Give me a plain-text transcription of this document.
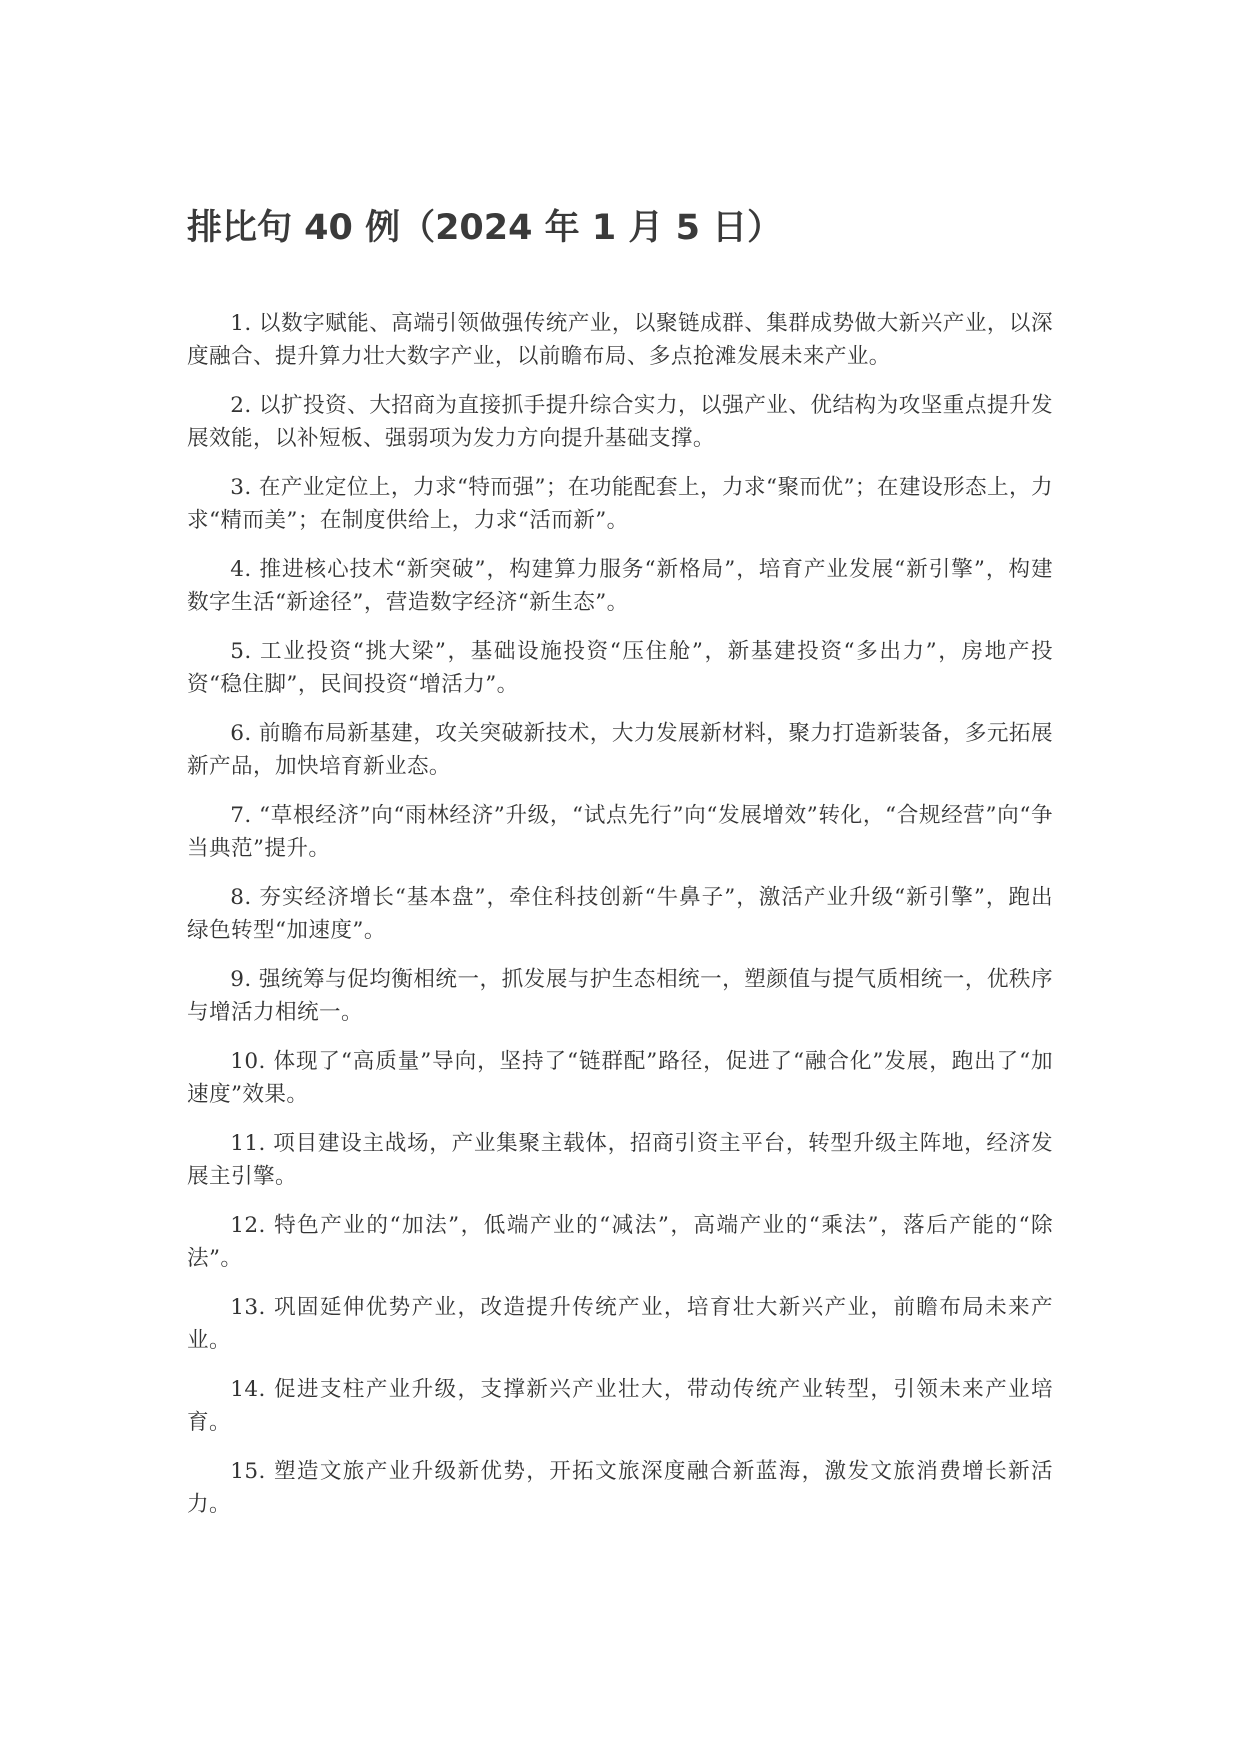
排比句 40 例（2024 年 1 月 5 日）

1. 以数字赋能、高端引领做强传统产业，以聚链成群、集群成势做大新兴产业，以深度融合、提升算力壮大数字产业，以前瞻布局、多点抢滩发展未来产业。

2. 以扩投资、大招商为直接抓手提升综合实力，以强产业、优结构为攻坚重点提升发展效能，以补短板、强弱项为发力方向提升基础支撑。

3. 在产业定位上，力求“特而强”；在功能配套上，力求“聚而优”；在建设形态上，力求“精而美”；在制度供给上，力求“活而新”。

4. 推进核心技术“新突破”，构建算力服务“新格局”，培育产业发展“新引擎”，构建数字生活“新途径”，营造数字经济“新生态”。

5. 工业投资“挑大梁”，基础设施投资“压住舱”，新基建投资“多出力”，房地产投资“稳住脚”，民间投资“增活力”。

6. 前瞻布局新基建，攻关突破新技术，大力发展新材料，聚力打造新装备，多元拓展新产品，加快培育新业态。

7. “草根经济”向“雨林经济”升级，“试点先行”向“发展增效”转化，“合规经营”向“争当典范”提升。

8. 夯实经济增长“基本盘”，牵住科技创新“牛鼻子”，激活产业升级“新引擎”，跑出绿色转型“加速度”。

9. 强统筹与促均衡相统一，抓发展与护生态相统一，塑颜值与提气质相统一，优秩序与增活力相统一。

10. 体现了“高质量”导向，坚持了“链群配”路径，促进了“融合化”发展，跑出了“加速度”效果。

11. 项目建设主战场，产业集聚主载体，招商引资主平台，转型升级主阵地，经济发展主引擎。

12. 特色产业的“加法”，低端产业的“减法”，高端产业的“乘法”，落后产能的“除法”。

13. 巩固延伸优势产业，改造提升传统产业，培育壮大新兴产业，前瞻布局未来产业。

14. 促进支柱产业升级，支撑新兴产业壮大，带动传统产业转型，引领未来产业培育。

15. 塑造文旅产业升级新优势，开拓文旅深度融合新蓝海，激发文旅消费增长新活力。
